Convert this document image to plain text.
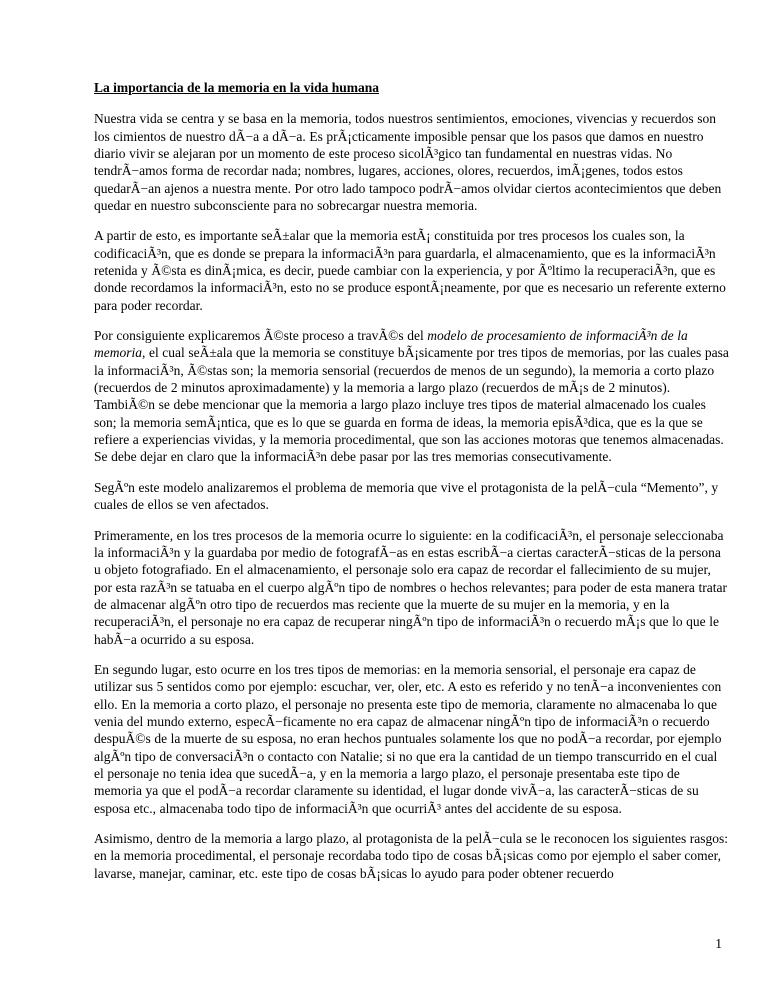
La importancia de la memoria en la vida humana

Nuestra vida se centra y se basa en la memoria, todos nuestros sentimientos, emociones, vivencias y recuerdos son los cimientos de nuestro dÃ−a a dÃ−a. Es prÃ¡cticamente imposible pensar que los pasos que damos en nuestro diario vivir se alejaran por un momento de este proceso sicolÃ³gico tan fundamental en nuestras vidas. No tendrÃ−amos forma de recordar nada; nombres, lugares, acciones, olores, recuerdos, imÃ¡genes, todos estos quedarÃ−an ajenos a nuestra mente. Por otro lado tampoco podrÃ−amos olvidar ciertos acontecimientos que deben quedar en nuestro subconsciente para no sobrecargar nuestra memoria.

A partir de esto, es importante seÃ±alar que la memoria estÃ¡ constituida por tres procesos los cuales son, la codificaciÃ³n, que es donde se prepara la informaciÃ³n para guardarla, el almacenamiento, que es la informaciÃ³n retenida y Ã©sta es dinÃ¡mica, es decir, puede cambiar con la experiencia, y por Ãºltimo la recuperaciÃ³n, que es donde recordamos la informaciÃ³n, esto no se produce espontÃ¡neamente, por que es necesario un referente externo para poder recordar.

Por consiguiente explicaremos Ã©ste proceso a travÃ©s del modelo de procesamiento de informaciÃ³n de la memoria, el cual seÃ±ala que la memoria se constituye bÃ¡sicamente por tres tipos de memorias, por las cuales pasa la informaciÃ³n, Ã©stas son; la memoria sensorial (recuerdos de menos de un segundo), la memoria a corto plazo (recuerdos de 2 minutos aproximadamente) y la memoria a largo plazo (recuerdos de mÃ¡s de 2 minutos). TambiÃ©n se debe mencionar que la memoria a largo plazo incluye tres tipos de material almacenado los cuales son; la memoria semÃ¡ntica, que es lo que se guarda en forma de ideas, la memoria episÃ³dica, que es la que se refiere a experiencias vividas, y la memoria procedimental, que son las acciones motoras que tenemos almacenadas. Se debe dejar en claro que la informaciÃ³n debe pasar por las tres memorias consecutivamente.

SegÃºn este modelo analizaremos el problema de memoria que vive el protagonista de la pelÃ−cula “Memento”, y cuales de ellos se ven afectados.

Primeramente, en los tres procesos de la memoria ocurre lo siguiente: en la codificaciÃ³n, el personaje seleccionaba la informaciÃ³n y la guardaba por medio de fotografÃ−as en estas escribÃ−a ciertas caracterÃ−sticas de la persona u objeto fotografiado. En el almacenamiento, el personaje solo era capaz de recordar el fallecimiento de su mujer, por esta razÃ³n se tatuaba en el cuerpo algÃºn tipo de nombres o hechos relevantes; para poder de esta manera tratar de almacenar algÃºn otro tipo de recuerdos mas reciente que la muerte de su mujer en la memoria, y en la recuperaciÃ³n, el personaje no era capaz de recuperar ningÃºn tipo de informaciÃ³n o recuerdo mÃ¡s que lo que le habÃ−a ocurrido a su esposa.

En segundo lugar, esto ocurre en los tres tipos de memorias: en la memoria sensorial, el personaje era capaz de utilizar sus 5 sentidos como por ejemplo: escuchar, ver, oler, etc. A esto es referido y no tenÃ−a inconvenientes con ello. En la memoria a corto plazo, el personaje no presenta este tipo de memoria, claramente no almacenaba lo que venia del mundo externo, especÃ−ficamente no era capaz de almacenar ningÃºn tipo de informaciÃ³n o recuerdo despuÃ©s de la muerte de su esposa, no eran hechos puntuales solamente los que no podÃ−a recordar, por ejemplo algÃºn tipo de conversaciÃ³n o contacto con Natalie; si no que era la cantidad de un tiempo transcurrido en el cual el personaje no tenia idea que sucedÃ−a, y en la memoria a largo plazo, el personaje presentaba este tipo de memoria ya que el podÃ−a recordar claramente su identidad, el lugar donde vivÃ−a, las caracterÃ−sticas de su esposa etc., almacenaba todo tipo de informaciÃ³n que ocurriÃ³ antes del accidente de su esposa.

Asimismo, dentro de la memoria a largo plazo, al protagonista de la pelÃ−cula se le reconocen los siguientes rasgos: en la memoria procedimental, el personaje recordaba todo tipo de cosas bÃ¡sicas como por ejemplo el saber comer, lavarse, manejar, caminar, etc. este tipo de cosas bÃ¡sicas lo ayudo para poder obtener recuerdo

1
